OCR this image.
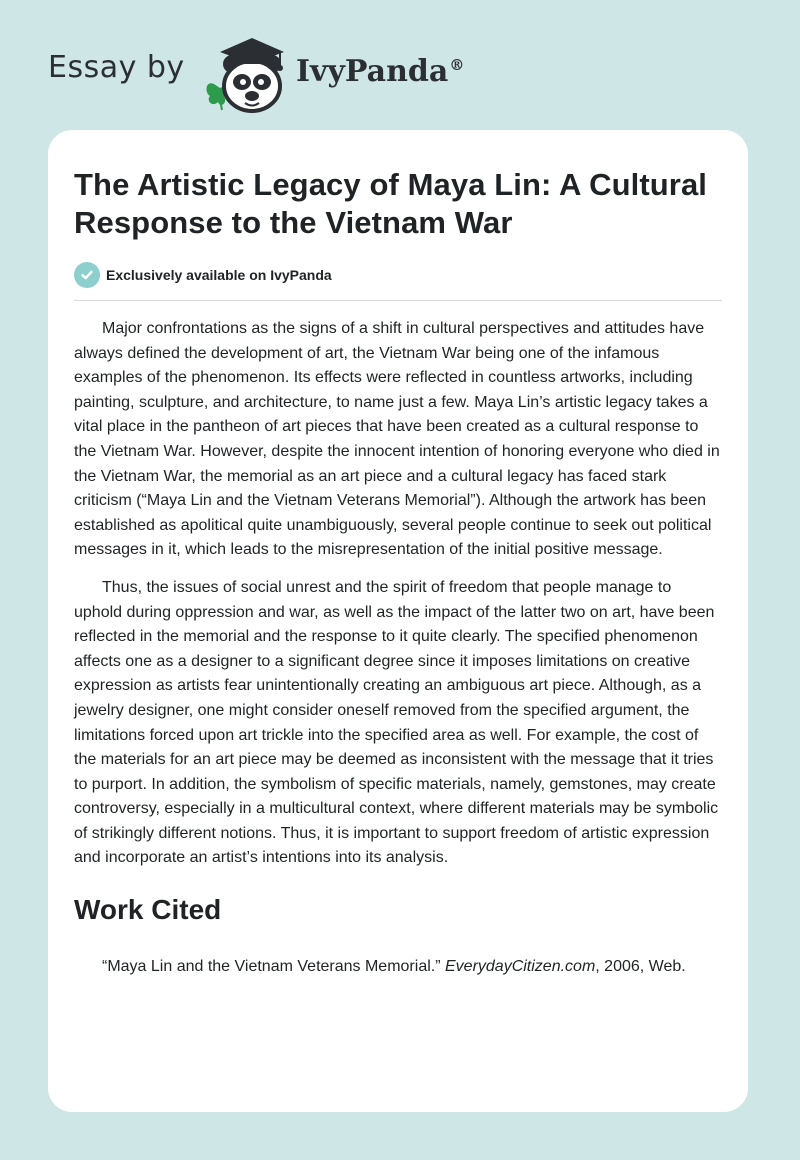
Essay by	IvyPanda®
The Artistic Legacy of Maya Lin: A Cultural Response to the Vietnam War
Exclusively available on IvyPanda

Major confrontations as the signs of a shift in cultural perspectives and attitudes have always defined the development of art, the Vietnam War being one of the infamous examples of the phenomenon. Its effects were reflected in countless artworks, including painting, sculpture, and architecture, to name just a few. Maya Lin’s artistic legacy takes a vital place in the pantheon of art pieces that have been created as a cultural response to the Vietnam War. However, despite the innocent intention of honoring everyone who died in the Vietnam War, the memorial as an art piece and a cultural legacy has faced stark criticism (“Maya Lin and the Vietnam Veterans Memorial”). Although the artwork has been established as apolitical quite unambiguously, several people continue to seek out political messages in it, which leads to the misrepresentation of the initial positive message.

Thus, the issues of social unrest and the spirit of freedom that people manage to uphold during oppression and war, as well as the impact of the latter two on art, have been reflected in the memorial and the response to it quite clearly. The specified phenomenon affects one as a designer to a significant degree since it imposes limitations on creative expression as artists fear unintentionally creating an ambiguous art piece. Although, as a jewelry designer, one might consider oneself removed from the specified argument, the limitations forced upon art trickle into the specified area as well. For example, the cost of the materials for an art piece may be deemed as inconsistent with the message that it tries to purport. In addition, the symbolism of specific materials, namely, gemstones, may create controversy, especially in a multicultural context, where different materials may be symbolic of strikingly different notions. Thus, it is important to support freedom of artistic expression and incorporate an artist’s intentions into its analysis.

Work Cited

“Maya Lin and the Vietnam Veterans Memorial.” EverydayCitizen.com, 2006, Web.
